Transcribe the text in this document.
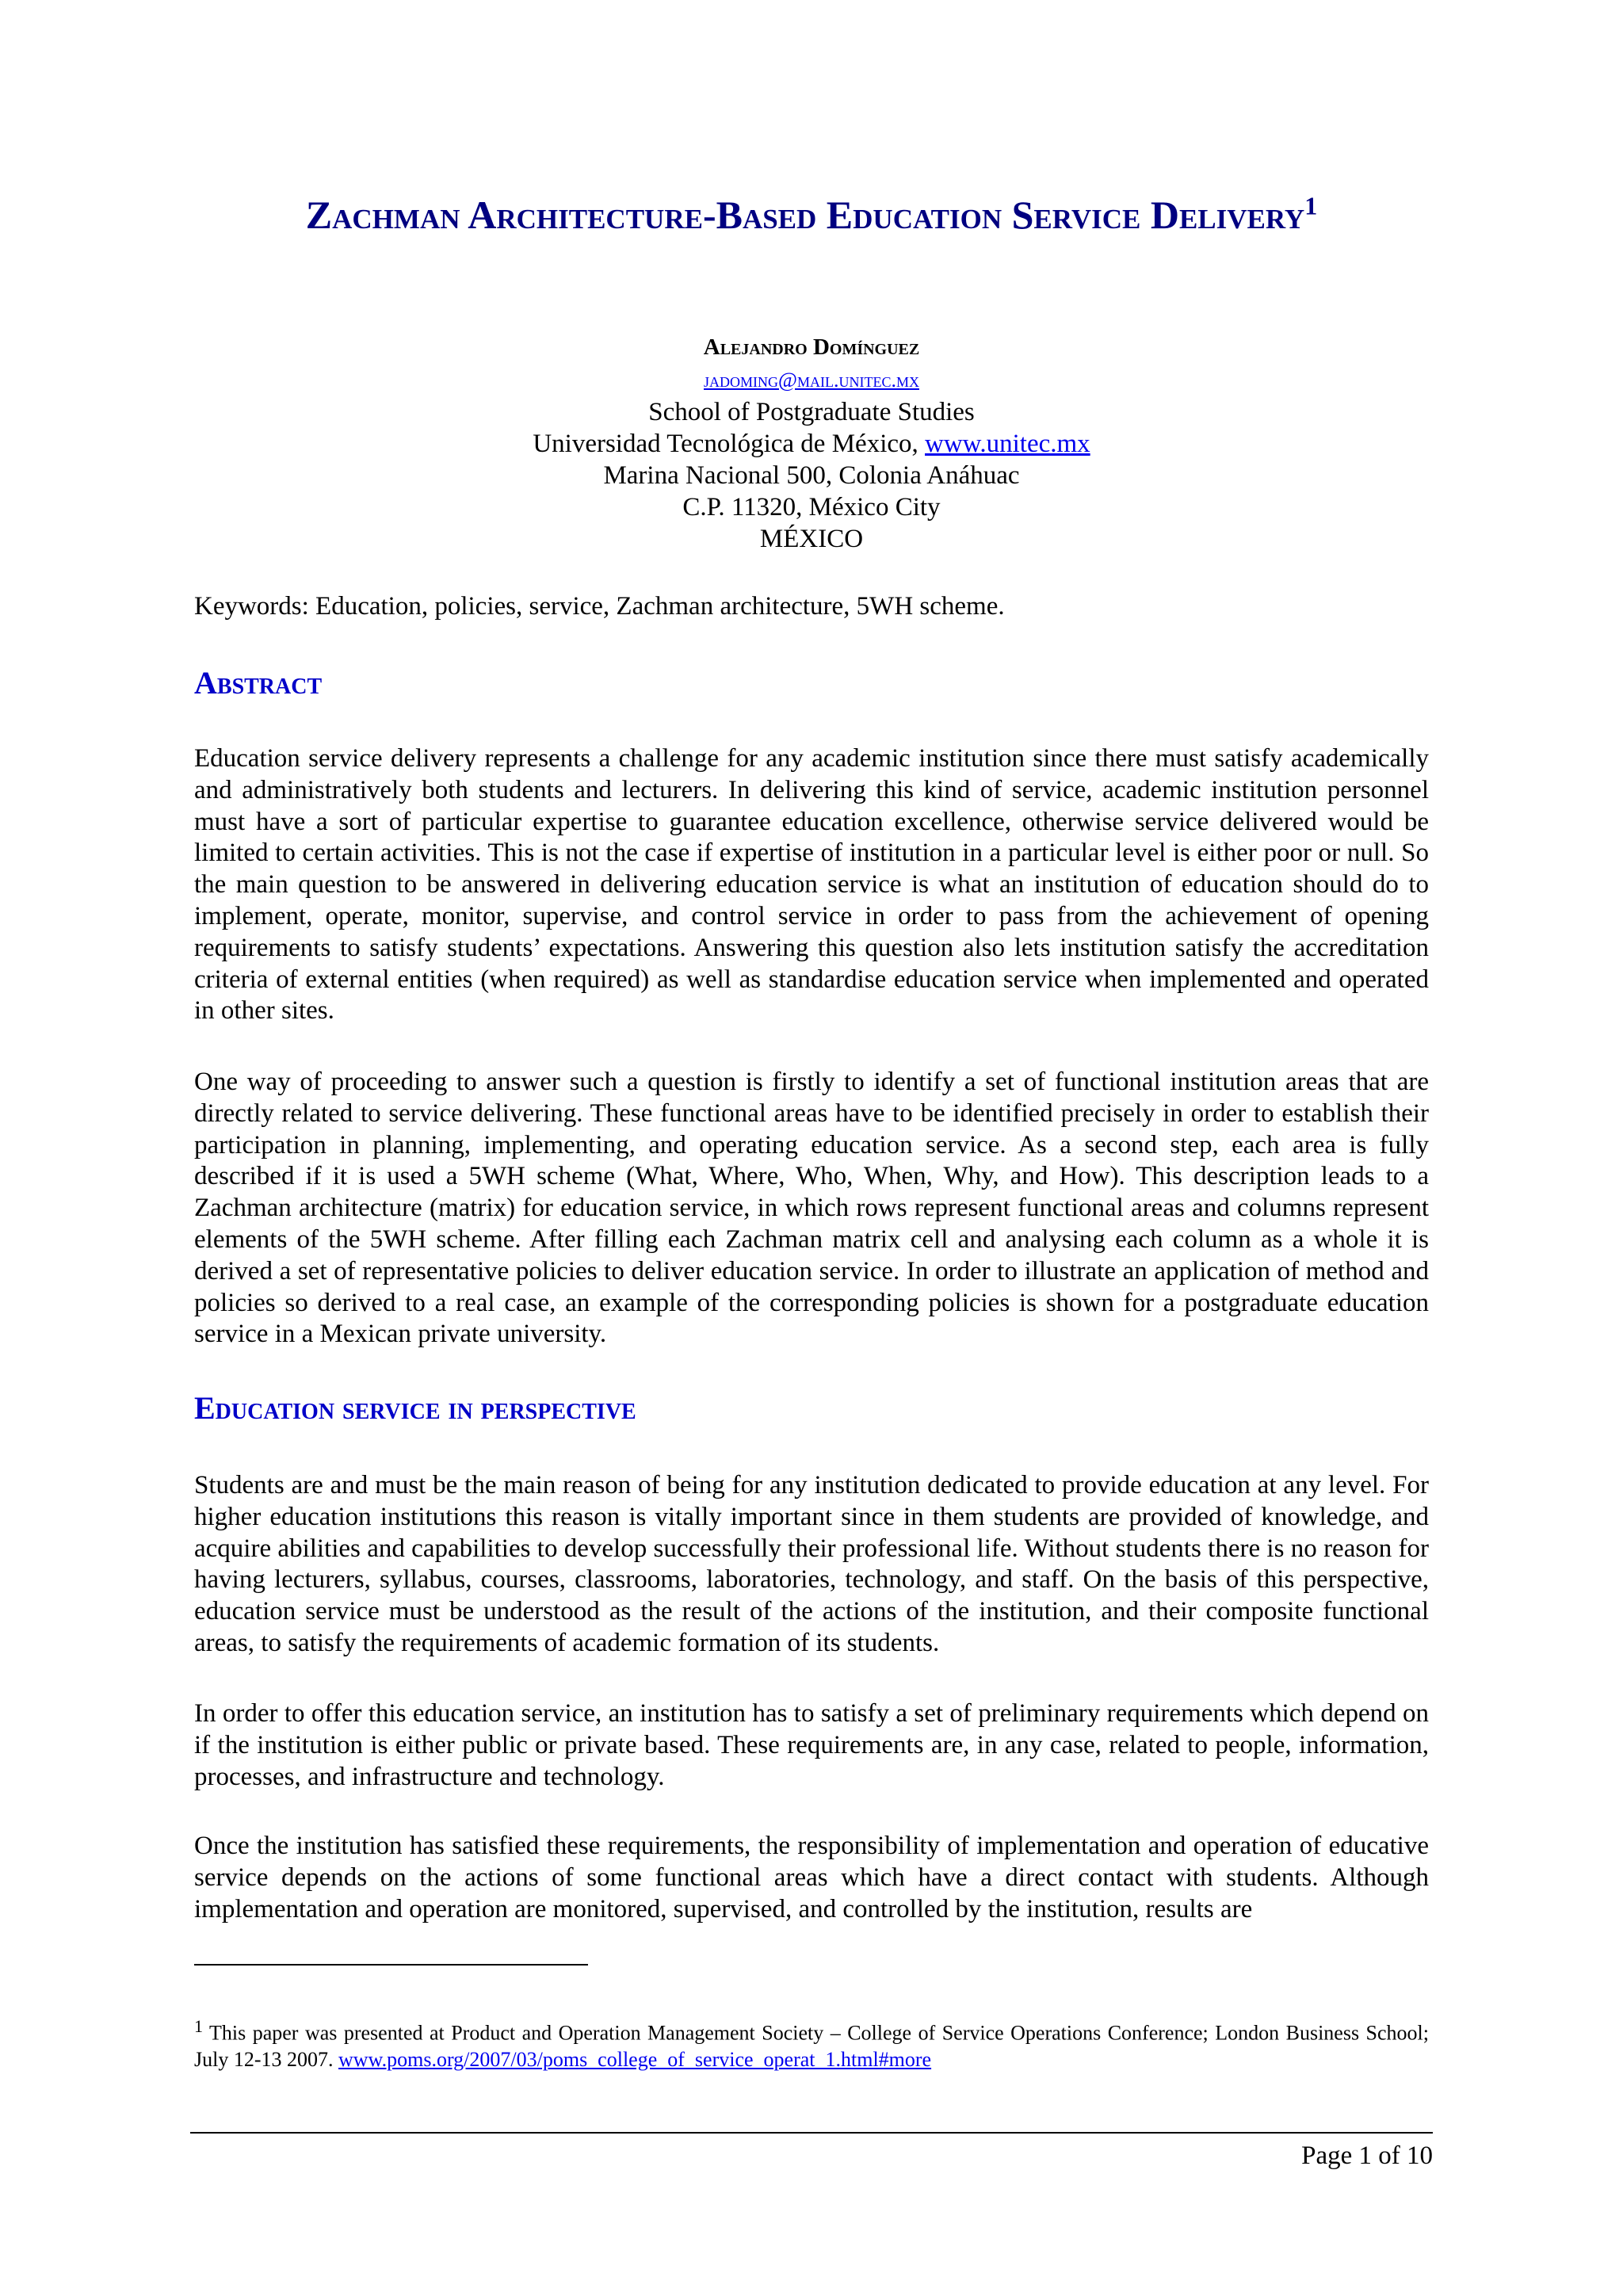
Zachman Architecture-Based Education Service Delivery$^1$
Alejandro Domínguez
jadoming@mail.unitec.mx
School of Postgraduate Studies
Universidad Tecnológica de México, www.unitec.mx
Marina Nacional 500, Colonia Anáhuac
C.P. 11320, México City
MÉXICO

Keywords: Education, policies, service, Zachman architecture, 5WH scheme.

Abstract

Education service delivery represents a challenge for any academic institution since there must satisfy academically and administratively both students and lecturers. In delivering this kind of service, academic institution personnel must have a sort of particular expertise to guarantee education excellence, otherwise service delivered would be limited to certain activities. This is not the case if expertise of institution in a particular level is either poor or null. So the main question to be answered in delivering education service is what an institution of education should do to implement, operate, monitor, supervise, and control service in order to pass from the achievement of opening requirements to satisfy students’ expectations. Answering this question also lets institution satisfy the accreditation criteria of external entities (when required) as well as standardise education service when implemented and operated in other sites.

One way of proceeding to answer such a question is firstly to identify a set of functional institution areas that are directly related to service delivering. These functional areas have to be identified precisely in order to establish their participation in planning, implementing, and operating education service. As a second step, each area is fully described if it is used a 5WH scheme (What, Where, Who, When, Why, and How). This description leads to a Zachman architecture (matrix) for education service, in which rows represent functional areas and columns represent elements of the 5WH scheme. After filling each Zachman matrix cell and analysing each column as a whole it is derived a set of representative policies to deliver education service. In order to illustrate an application of method and policies so derived to a real case, an example of the corresponding policies is shown for a postgraduate education service in a Mexican private university.

Education service in perspective

Students are and must be the main reason of being for any institution dedicated to provide education at any level. For higher education institutions this reason is vitally important since in them students are provided of knowledge, and acquire abilities and capabilities to develop successfully their professional life. Without students there is no reason for having lecturers, syllabus, courses, classrooms, laboratories, technology, and staff. On the basis of this perspective, education service must be understood as the result of the actions of the institution, and their composite functional areas, to satisfy the requirements of academic formation of its students.

In order to offer this education service, an institution has to satisfy a set of preliminary requirements which depend on if the institution is either public or private based. These requirements are, in any case, related to people, information, processes, and infrastructure and technology.

Once the institution has satisfied these requirements, the responsibility of implementation and operation of educative service depends on the actions of some functional areas which have a direct contact with students. Although implementation and operation are monitored, supervised, and controlled by the institution, results are

$^1$ This paper was presented at Product and Operation Management Society – College of Service Operations Conference; London Business School; July 12-13 2007. www.poms.org/2007/03/poms_college_of_service_operat_1.html#more

Page 1 of 10
